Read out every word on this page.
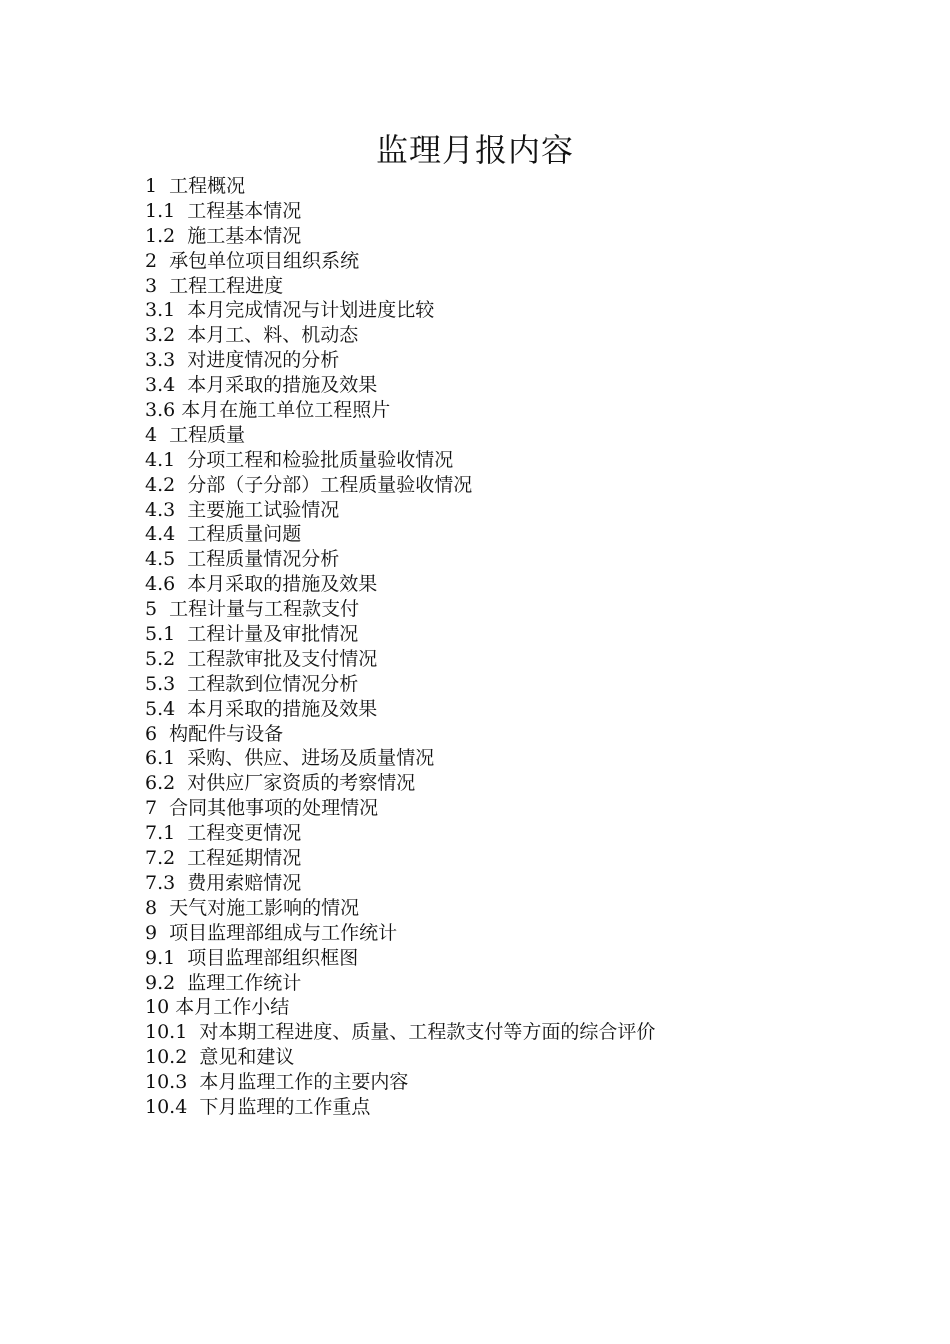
监理月报内容
1  工程概况
1.1  工程基本情况
1.2  施工基本情况
2  承包单位项目组织系统
3  工程工程进度
3.1  本月完成情况与计划进度比较
3.2  本月工、料、机动态
3.3  对进度情况的分析
3.4  本月采取的措施及效果
3.6 本月在施工单位工程照片
4  工程质量
4.1  分项工程和检验批质量验收情况
4.2  分部（子分部）工程质量验收情况
4.3  主要施工试验情况
4.4  工程质量问题
4.5  工程质量情况分析
4.6  本月采取的措施及效果
5  工程计量与工程款支付
5.1  工程计量及审批情况
5.2  工程款审批及支付情况
5.3  工程款到位情况分析
5.4  本月采取的措施及效果
6  构配件与设备
6.1  采购、供应、进场及质量情况
6.2  对供应厂家资质的考察情况
7  合同其他事项的处理情况
7.1  工程变更情况
7.2  工程延期情况
7.3  费用索赔情况
8  天气对施工影响的情况
9  项目监理部组成与工作统计
9.1  项目监理部组织框图
9.2  监理工作统计
10 本月工作小结
10.1  对本期工程进度、质量、工程款支付等方面的综合评价
10.2  意见和建议
10.3  本月监理工作的主要内容
10.4  下月监理的工作重点
